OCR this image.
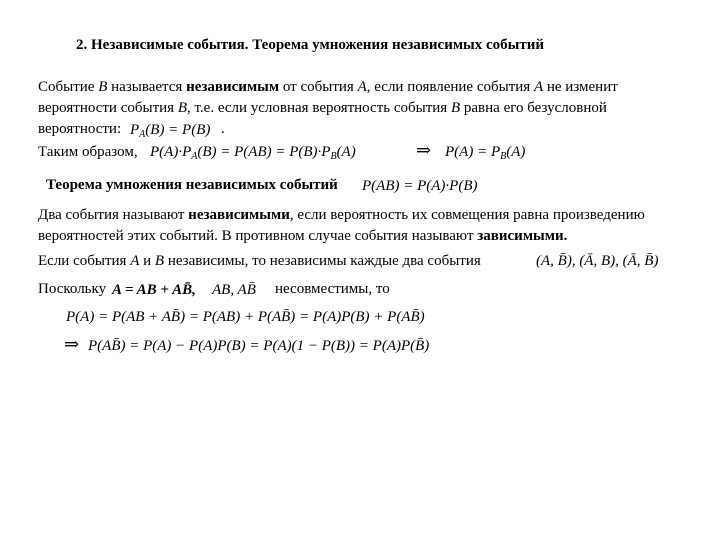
2. Независимые события. Теорема умножения независимых событий
Событие B называется независимым от события A, если появление события A не изменит
вероятности события B, т.е. если условная вероятность события B равна его безусловной
вероятности: $P_A(B) = P(B)$ .
Таким образом, $P(A)\cdot P_A(B) = P(AB) = P(B)\cdot P_B(A)$	⇒ $P(A) = P_B(A)$
Теорема умножения независимых событий P(AB) = P(A)·P(B)
Два события называют независимыми, если вероятность их совмещения равна произведению
вероятностей этих событий. В противном случае события называют зависимыми.
Если события A и B независимы, то независимы каждые два события	(A, B̄), (Ā, B), (Ā, B̄)
Поскольку A = AB + AB̄, AB, AB̄ несовместимы, то
P(A) = P(AB + AB̄) = P(AB) + P(AB̄) = P(A)P(B) + P(AB̄)
⇒ P(AB̄) = P(A) − P(A)P(B) = P(A)(1 − P(B)) = P(A)P(B̄)
